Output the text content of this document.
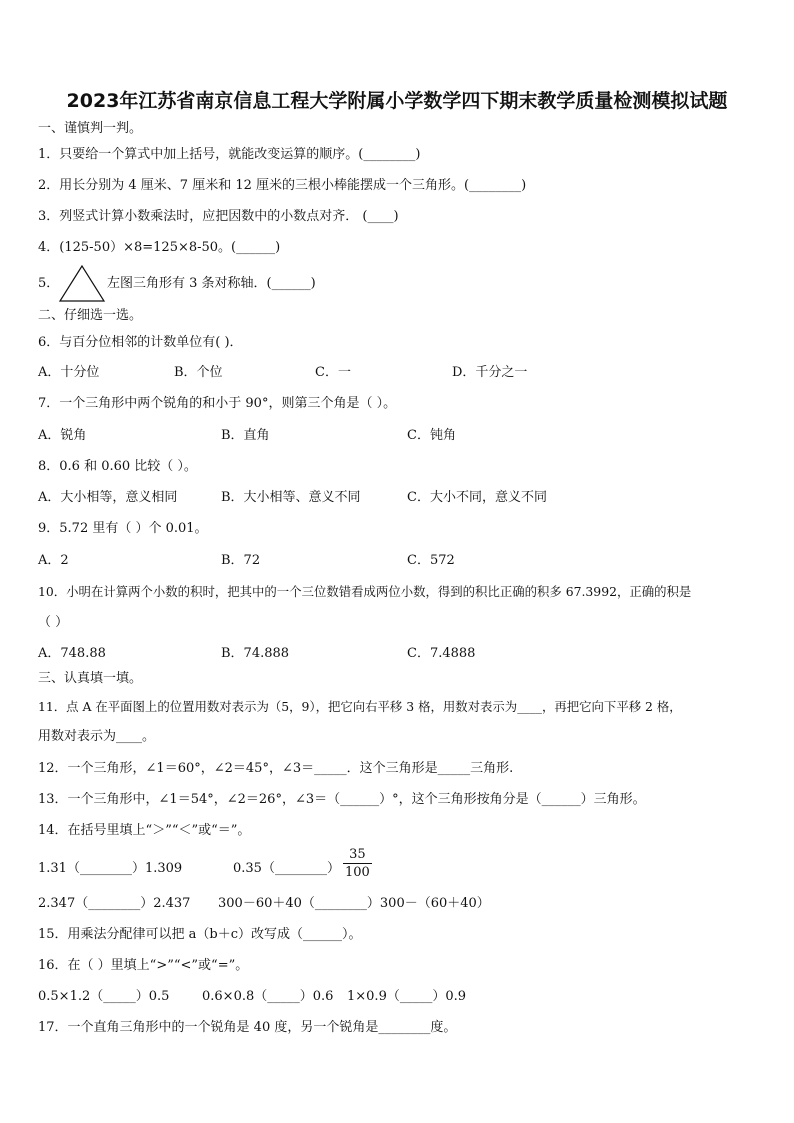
2023年江苏省南京信息工程大学附属小学数学四下期末教学质量检测模拟试题
一、谨慎判一判。
1．只要给一个算式中加上括号，就能改变运算的顺序。(________)
2．用长分别为 4 厘米、7 厘米和 12 厘米的三根小棒能摆成一个三角形。(________)
3．列竖式计算小数乘法时，应把因数中的小数点对齐． (____)
4．(125-50）×8=125×8-50。(______)
5．	左图三角形有 3 条对称轴．(______)
二、仔细选一选。
6．与百分位相邻的计数单位有( )．
A．十分位	B．个位	C．一	D．千分之一
7．一个三角形中两个锐角的和小于 90°，则第三个角是（ ）。
A．锐角	B．直角	C．钝角
8．0.6 和 0.60 比较（ ）。
A．大小相等，意义相同	B．大小相等、意义不同	C．大小不同，意义不同
9．5.72 里有（ ）个 0.01。
A．2	B．72	C．572
10．小明在计算两个小数的积时，把其中的一个三位数错看成两位小数，得到的积比正确的积多 67.3992，正确的积是
（ ）
A．748.88	B．74.888	C．7.4888
三、认真填一填。
11．点 A 在平面图上的位置用数对表示为（5，9），把它向右平移 3 格，用数对表示为____，再把它向下平移 2 格，
用数对表示为____。
12．一个三角形，∠1＝60°，∠2＝45°，∠3＝_____．这个三角形是_____三角形.
13．一个三角形中，∠1＝54°，∠2＝26°，∠3＝（______）°，这个三角形按角分是（______）三角形。
14．在括号里填上“＞”“＜”或“＝”。
1.31（________）1.309	0.35（________）
35
100
2.347（________）2.437 300－60＋40（________）300－（60＋40）
15．用乘法分配律可以把 a（b＋c）改写成（______）。
16．在（ ）里填上“>”“<”或“=”。
0.5×1.2（_____）0.5	0.6×0.8（_____）0.6 1×0.9（_____）0.9
17．一个直角三角形中的一个锐角是 40 度，另一个锐角是________度。
